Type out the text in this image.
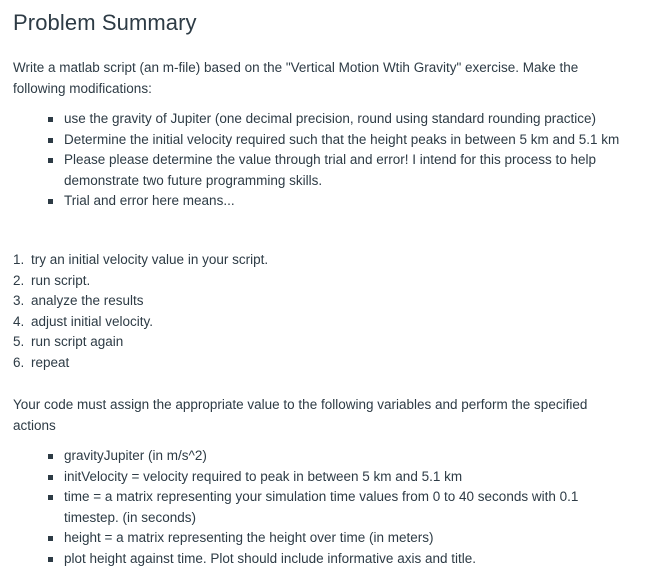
Problem Summary

Write a matlab script (an m-file) based on the "Vertical Motion Wtih Gravity" exercise. Make the following modifications:

use the gravity of Jupiter (one decimal precision, round using standard rounding practice)
Determine the initial velocity required such that the height peaks in between 5 km and 5.1 km
Please please determine the value through trial and error! I intend for this process to help demonstrate two future programming skills.
Trial and error here means...
1. try an initial velocity value in your script.
2. run script.
3. analyze the results
4. adjust initial velocity.
5. run script again
6. repeat

Your code must assign the appropriate value to the following variables and perform the specified actions

gravityJupiter (in m/s^2)
initVelocity = velocity required to peak in between 5 km and 5.1 km
time = a matrix representing your simulation time values from 0 to 40 seconds with 0.1 timestep. (in seconds)
height = a matrix representing the height over time (in meters)
plot height against time. Plot should include informative axis and title.
